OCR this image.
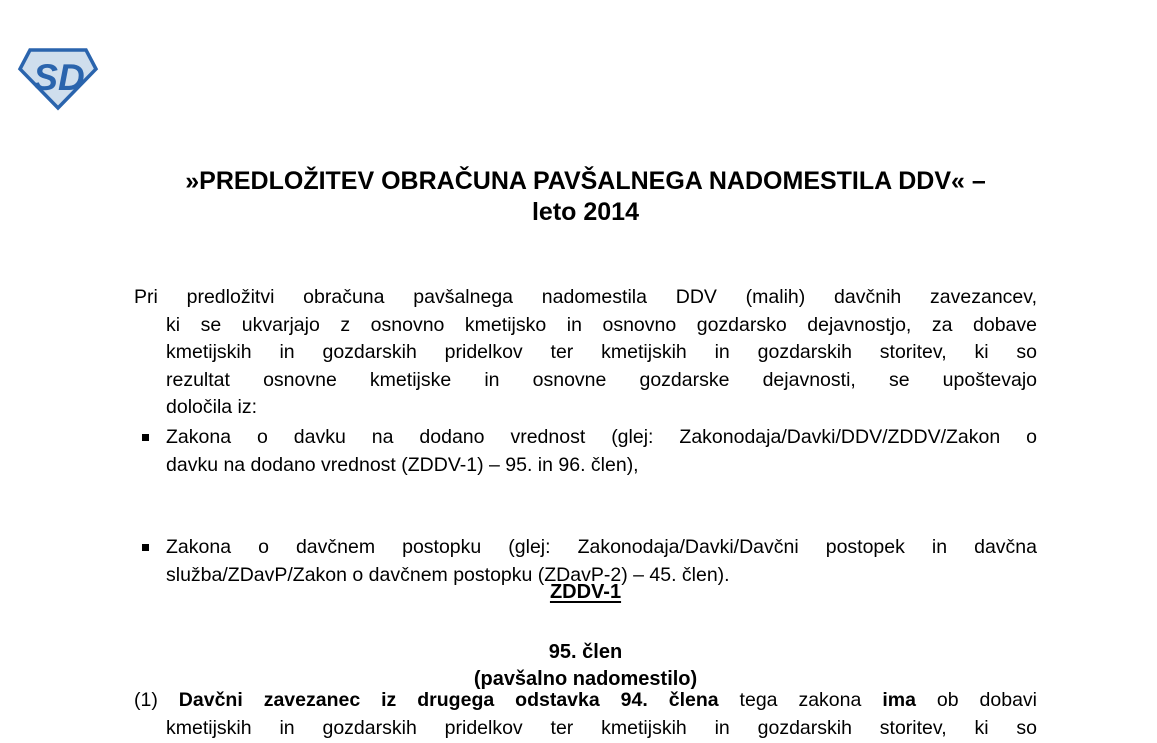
SD
»PREDLOŽITEV OBRAČUNA PAVŠALNEGA NADOMESTILA DDV« –
leto 2014
Pri predložitvi obračuna pavšalnega nadomestila DDV (malih) davčnih zavezancev,
ki se ukvarjajo z osnovno kmetijsko in osnovno gozdarsko dejavnostjo, za dobave
kmetijskih in gozdarskih pridelkov ter kmetijskih in gozdarskih storitev, ki so
rezultat osnovne kmetijske in osnovne gozdarske dejavnosti, se upoštevajo
določila iz:
Zakona o davku na dodano vrednost (glej: Zakonodaja/Davki/DDV/ZDDV/Zakon o
davku na dodano vrednost (ZDDV-1) – 95. in 96. člen),
Zakona o davčnem postopku (glej: Zakonodaja/Davki/Davčni postopek in davčna
služba/ZDavP/Zakon o davčnem postopku (ZDavP-2) – 45. člen).
ZDDV-1
95. člen
(pavšalno nadomestilo)
(1) Davčni zavezanec iz drugega odstavka 94. člena tega zakona ima ob dobavi
kmetijskih in gozdarskih pridelkov ter kmetijskih in gozdarskih storitev, ki so
